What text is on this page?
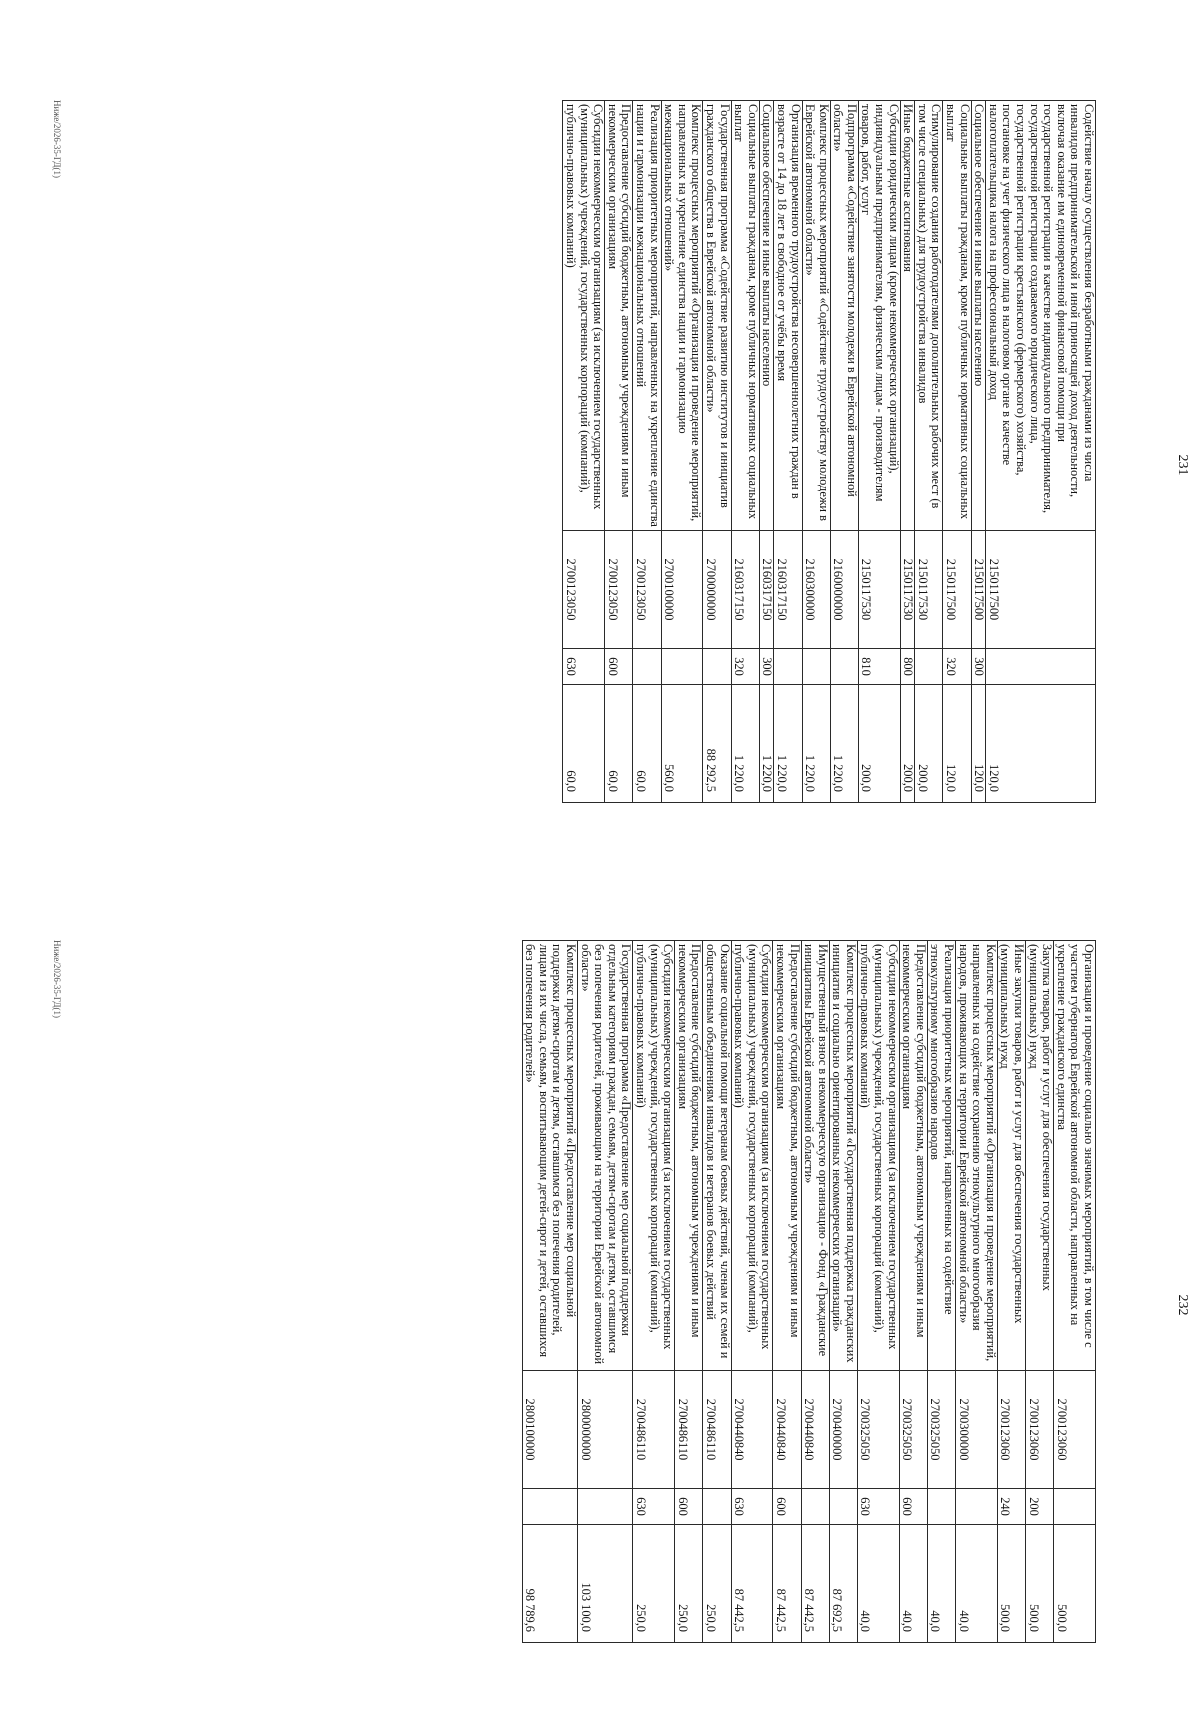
231
Содействие началу осуществления безработными гражданами из числа инвалидов предпринимательской и иной приносящей доход деятельности, включая оказание им единовременной финансовой помощи при государственной регистрации в качестве индивидуального предпринимателя, государственной регистрации создаваемого юридического лица, государственной регистрации крестьянского (фермерского) хозяйства, постановке на учет физического лица в налоговом органе в качестве налогоплательщика налога на профессиональный доход	2150117500		120,0
Социальное обеспечение и иные выплаты населению	2150117500	300	120,0
Социальные выплаты гражданам, кроме публичных нормативных социальных выплат	2150117500	320	120,0
Стимулирование создания работодателями дополнительных рабочих мест (в том числе специальных) для трудоустройства инвалидов	2150117530		200,0
Иные бюджетные ассигнования	2150117530	800	200,0
Субсидии юридическим лицам (кроме некоммерческих организаций), индивидуальным предпринимателям, физическим лицам - производителям товаров, работ, услуг	2150117530	810	200,0
Подпрограмма «Содействие занятости молодежи в Еврейской автономной области»	2160000000		1 220,0
Комплекс процессных мероприятий «Содействие трудоустройству молодежи в Еврейской автономной области»	2160300000		1 220,0
Организация временного трудоустройства несовершеннолетних граждан в возрасте от 14 до 18 лет в свободное от учёбы время	2160317150		1 220,0
Социальное обеспечение и иные выплаты населению	2160317150	300	1 220,0
Социальные выплаты гражданам, кроме публичных нормативных социальных выплат	2160317150	320	1 220,0
Государственная программа «Содействие развитию институтов и инициатив гражданского общества в Еврейской автономной области»	2700000000		88 292,5
Комплекс процессных мероприятий «Организация и проведение мероприятий, направленных на укрепление единства нации и гармонизацию межнациональных отношений»	2700100000		560,0
Реализация приоритетных мероприятий, направленных на укрепление единства нации и гармонизации межнациональных отношений	2700123050		60,0
Предоставление субсидий бюджетным, автономным учреждениям и иным некоммерческим организациям	2700123050	600	60,0
Субсидии некоммерческим организациям (за исключением государственных (муниципальных) учреждений, государственных корпораций (компаний), публично-правовых компаний)	2700123050	630	60,0
Ниже/2026-35-ГД(1)
232
Организация и проведение социально значимых мероприятий, в том числе с участием губернатора Еврейской автономной области, направленных на укрепление гражданского единства	2700123060		500,0
Закупка товаров, работ и услуг для обеспечения государственных (муниципальных) нужд	2700123060	200	500,0
Иные закупки товаров, работ и услуг для обеспечения государственных (муниципальных) нужд	2700123060	240	500,0
Комплекс процессных мероприятий «Организация и проведение мероприятий, направленных на содействие сохранению этнокультурного многообразия народов, проживающих на территории Еврейской автономной области»	2700300000		40,0
Реализация приоритетных мероприятий, направленных на содействие этнокультурному многообразию народов	2700325050		40,0
Предоставление субсидий бюджетным, автономным учреждениям и иным некоммерческим организациям	2700325050	600	40,0
Субсидии некоммерческим организациям (за исключением государственных (муниципальных) учреждений, государственных корпораций (компаний), публично-правовых компаний)	2700325050	630	40,0
Комплекс процессных мероприятий «Государственная поддержка гражданских инициатив и социально ориентированных некоммерческих организаций»	2700400000		87 692,5
Имущественный взнос в некоммерческую организацию - Фонд «Гражданские инициативы Еврейской автономной области»	2700440840		87 442,5
Предоставление субсидий бюджетным, автономным учреждениям и иным некоммерческим организациям	2700440840	600	87 442,5
Субсидии некоммерческим организациям (за исключением государственных (муниципальных) учреждений, государственных корпораций (компаний), публично-правовых компаний)	2700440840	630	87 442,5
Оказание социальной помощи ветеранам боевых действий, членам их семей и общественным объединениям инвалидов и ветеранов боевых действий	2700486110		250,0
Предоставление субсидий бюджетным, автономным учреждениям и иным некоммерческим организациям	2700486110	600	250,0
Субсидии некоммерческим организациям (за исключением государственных (муниципальных) учреждений, государственных корпораций (компаний), публично-правовых компаний)	2700486110	630	250,0
Государственная программа «Предоставление мер социальной поддержки отдельным категориям граждан, семьям, детям-сиротам и детям, оставшимся без попечения родителей, проживающим на территории Еврейской автономной области»	2800000000		103 100,0
Комплекс процессных мероприятий «Предоставление мер социальной поддержки детям-сиротам и детям, оставшимся без попечения родителей, лицам из их числа, семьям, воспитывающим детей-сирот и детей, оставшихся без попечения родителей»	2800100000		98 789,6
Ниже/2026-35-ГД(1)
